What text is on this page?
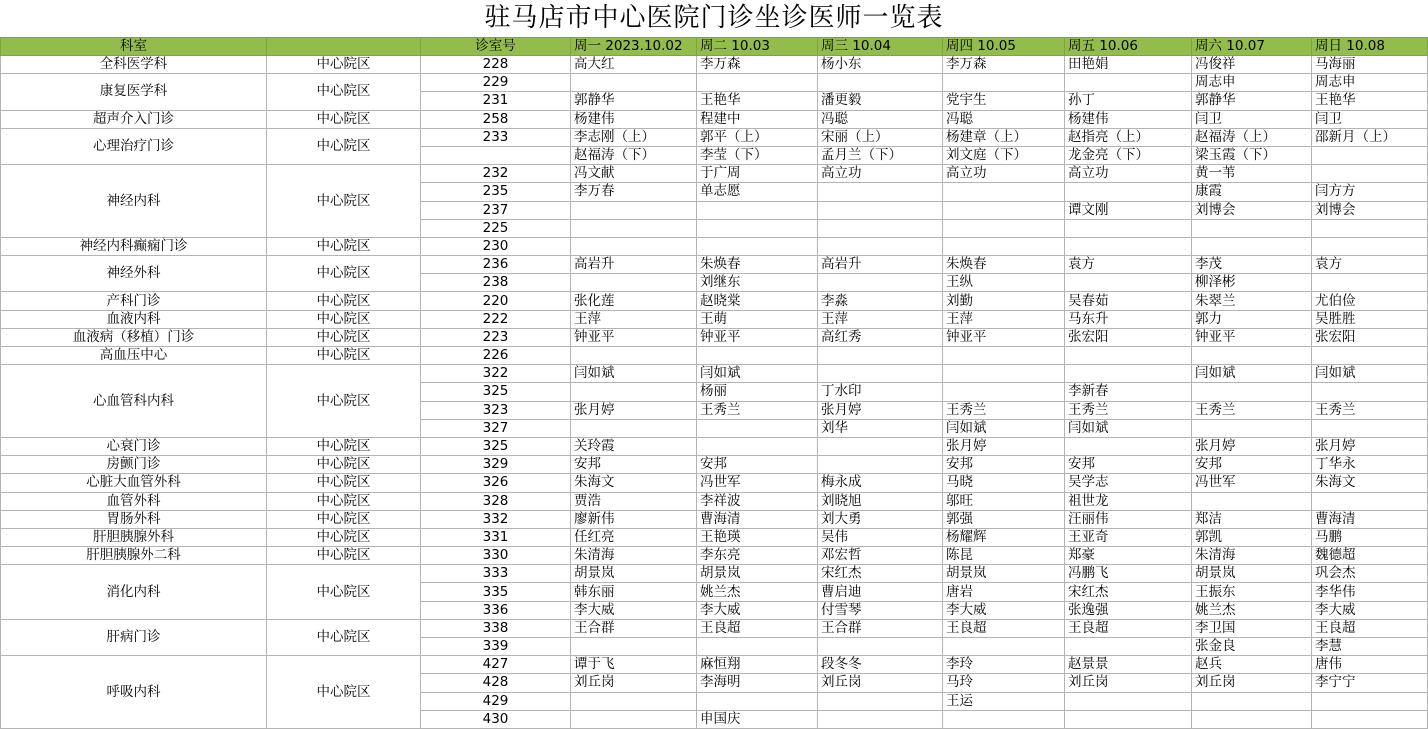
驻马店市中心医院门诊坐诊医师一览表
科室		诊室号	周一 2023.10.02	周二 10.03	周三 10.04	周四 10.05	周五 10.06	周六 10.07	周日 10.08
全科医学科	中心院区	228	高大红	李万森	杨小东	李万森	田艳娟	冯俊祥	马海丽
康复医学科	中心院区	229						周志申	周志申
		231	郭静华	王艳华	潘更毅	党宇生	孙丁	郭静华	王艳华
超声介入门诊	中心院区	258	杨建伟	程建中	冯聪	冯聪	杨建伟	闫卫	闫卫
心理治疗门诊	中心院区	233	李志刚（上）	郭平（上）	宋丽（上）	杨建章（上）	赵指亮（上）	赵福涛（上）	邵新月（上）
			赵福涛（下）	李莹（下）	孟月兰（下）	刘文庭（下）	龙金亮（下）	梁玉霞（下）	
神经内科	中心院区	232	冯文献	于广周	高立功	高立功	高立功	黄一苇	
		235	李万春	单志愿				康霞	闫方方
		237					谭文刚	刘博会	刘博会
		225							
神经内科癫痫门诊	中心院区	230							
神经外科	中心院区	236	高岩升	朱焕春	高岩升	朱焕春	袁方	李茂	袁方
		238		刘继东		王纵		柳泽彬	
产科门诊	中心院区	220	张化莲	赵晓棠	李淼	刘勤	吴春茹	朱翠兰	尤伯俭
血液内科	中心院区	222	王萍	王萌	王萍	王萍	马东升	郭力	吴胜胜
血液病（移植）门诊	中心院区	223	钟亚平	钟亚平	高红秀	钟亚平	张宏阳	钟亚平	张宏阳
高血压中心	中心院区	226							
心血管科内科	中心院区	322	闫如斌	闫如斌				闫如斌	闫如斌
		325		杨丽	丁水印		李新春		
		323	张月婷	王秀兰	张月婷	王秀兰	王秀兰	王秀兰	王秀兰
		327			刘华	闫如斌	闫如斌		
心衰门诊	中心院区	325	关玲霞			张月婷		张月婷	张月婷
房颤门诊	中心院区	329	安邦	安邦		安邦	安邦	安邦	丁华永
心脏大血管外科	中心院区	326	朱海文	冯世军	梅永成	马晓	吴学志	冯世军	朱海文
血管外科	中心院区	328	贾浩	李祥波	刘晓旭	邬旺	祖世龙		
胃肠外科	中心院区	332	廖新伟	曹海清	刘大勇	郭强	汪丽伟	郑洁	曹海清
肝胆胰腺外科	中心院区	331	任红亮	王艳瑛	吴伟	杨耀辉	王亚奇	郭凯	马鹏
肝胆胰腺外二科	中心院区	330	朱清海	李东亮	邓宏哲	陈昆	郑豪	朱清海	魏德超
消化内科	中心院区	333	胡景岚	胡景岚	宋红杰	胡景岚	冯鹏飞	胡景岚	巩会杰
		335	韩东丽	姚兰杰	曹启迪	唐岩	宋红杰	王振东	李华伟
		336	李大威	李大威	付雪琴	李大威	张逸强	姚兰杰	李大威
肝病门诊	中心院区	338	王合群	王良超	王合群	王良超	王良超	李卫国	王良超
		339						张金良	李慧
呼吸内科	中心院区	427	谭于飞	麻恒翔	段冬冬	李玲	赵景景	赵兵	唐伟
		428	刘丘岗	李海明	刘丘岗	马玲	刘丘岗	刘丘岗	李宁宁
		429				王运			
		430		申国庆					
